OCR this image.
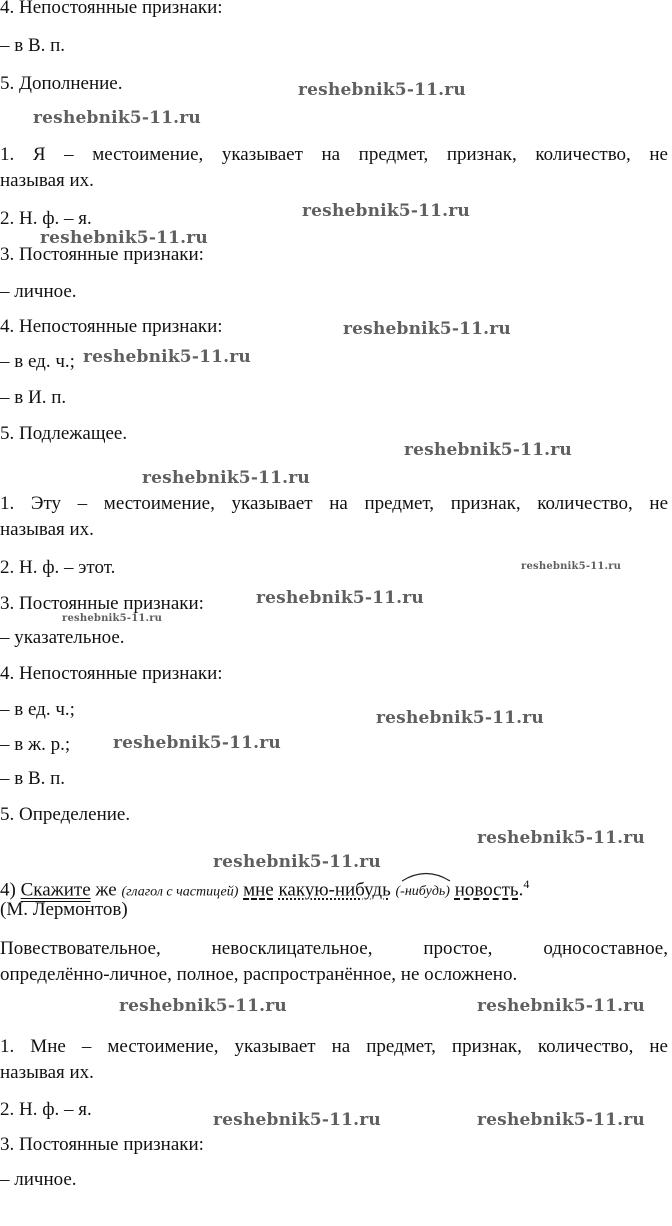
4. Непостоянные признаки:
– в В. п.
5. Дополнение.
1. Я – местоимение, указывает на предмет, признак, количество, не
называя их.
2. Н. ф. – я.
3. Постоянные признаки:
– личное.
4. Непостоянные признаки:
– в ед. ч.;
– в И. п.
5. Подлежащее.
1. Эту – местоимение, указывает на предмет, признак, количество, не
называя их.
2. Н. ф. – этот.
3. Постоянные признаки:
– указательное.
4. Непостоянные признаки:
– в ед. ч.;
– в ж. р.;
– в В. п.
5. Определение.
4) Скажите же (глагол с частицей) мне какую-нибудь (-нибудь) новость.$^4$
(М. Лермонтов)
Повествовательное, невосклицательное, простое, односоставное,
определённо-личное, полное, распространённое, не осложнено.
1. Мне – местоимение, указывает на предмет, признак, количество, не
называя их.
2. Н. ф. – я.
3. Постоянные признаки:
– личное.
reshebnik5-11.ru
reshebnik5-11.ru
reshebnik5-11.ru
reshebnik5-11.ru
reshebnik5-11.ru
reshebnik5-11.ru
reshebnik5-11.ru
reshebnik5-11.ru
reshebnik5-11.ru
reshebnik5-11.ru
reshebnik5-11.ru
reshebnik5-11.ru
reshebnik5-11.ru
reshebnik5-11.ru
reshebnik5-11.ru
reshebnik5-11.ru	reshebnik5-11.ru
reshebnik5-11.ru	reshebnik5-11.ru
